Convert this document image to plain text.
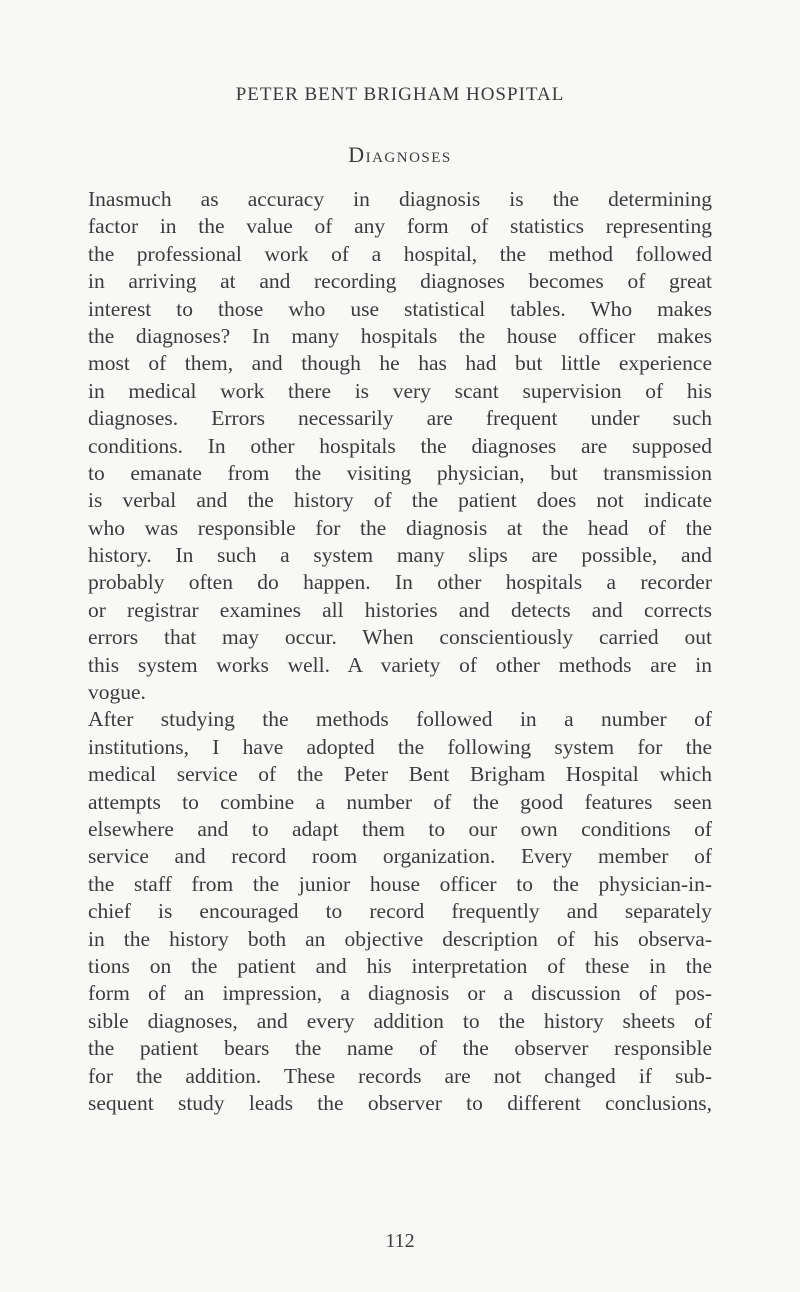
PETER BENT BRIGHAM HOSPITAL
Diagnoses
Inasmuch as accuracy in diagnosis is the determining
factor in the value of any form of statistics representing
the professional work of a hospital, the method followed
in arriving at and recording diagnoses becomes of great
interest to those who use statistical tables. Who makes
the diagnoses? In many hospitals the house officer makes
most of them, and though he has had but little experience
in medical work there is very scant supervision of his
diagnoses. Errors necessarily are frequent under such
conditions. In other hospitals the diagnoses are supposed
to emanate from the visiting physician, but transmission
is verbal and the history of the patient does not indicate
who was responsible for the diagnosis at the head of the
history. In such a system many slips are possible, and
probably often do happen. In other hospitals a recorder
or registrar examines all histories and detects and corrects
errors that may occur. When conscientiously carried out
this system works well. A variety of other methods are in
vogue.
After studying the methods followed in a number of
institutions, I have adopted the following system for the
medical service of the Peter Bent Brigham Hospital which
attempts to combine a number of the good features seen
elsewhere and to adapt them to our own conditions of
service and record room organization. Every member of
the staff from the junior house officer to the physician-in-
chief is encouraged to record frequently and separately
in the history both an objective description of his observa-
tions on the patient and his interpretation of these in the
form of an impression, a diagnosis or a discussion of pos-
sible diagnoses, and every addition to the history sheets of
the patient bears the name of the observer responsible
for the addition. These records are not changed if sub-
sequent study leads the observer to different conclusions,
112
